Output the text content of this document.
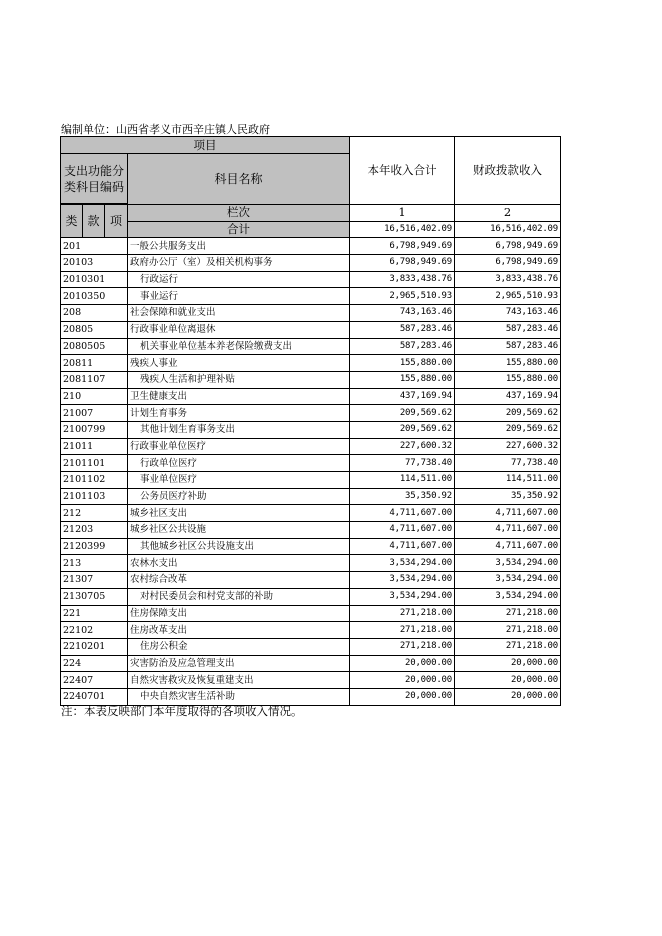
编制单位：山西省孝义市西辛庄镇人民政府
项目				本年收入合计	财政拨款收入
支出功能分类科目编码			科目名称		

类	款	项	栏次	1	2
			合计	16,516,402.09	16,516,402.09
201			一般公共服务支出	6,798,949.69	6,798,949.69
20103			政府办公厅（室）及相关机构事务	6,798,949.69	6,798,949.69
2010301			行政运行	3,833,438.76	3,833,438.76
2010350			事业运行	2,965,510.93	2,965,510.93
208			社会保障和就业支出	743,163.46	743,163.46
20805			行政事业单位离退休	587,283.46	587,283.46
2080505			机关事业单位基本养老保险缴费支出	587,283.46	587,283.46
20811			残疾人事业	155,880.00	155,880.00
2081107			残疾人生活和护理补贴	155,880.00	155,880.00
210			卫生健康支出	437,169.94	437,169.94
21007			计划生育事务	209,569.62	209,569.62
2100799			其他计划生育事务支出	209,569.62	209,569.62
21011			行政事业单位医疗	227,600.32	227,600.32
2101101			行政单位医疗	77,738.40	77,738.40
2101102			事业单位医疗	114,511.00	114,511.00
2101103			公务员医疗补助	35,350.92	35,350.92
212			城乡社区支出	4,711,607.00	4,711,607.00
21203			城乡社区公共设施	4,711,607.00	4,711,607.00
2120399			其他城乡社区公共设施支出	4,711,607.00	4,711,607.00
213			农林水支出	3,534,294.00	3,534,294.00
21307			农村综合改革	3,534,294.00	3,534,294.00
2130705			对村民委员会和村党支部的补助	3,534,294.00	3,534,294.00
221			住房保障支出	271,218.00	271,218.00
22102			住房改革支出	271,218.00	271,218.00
2210201			住房公积金	271,218.00	271,218.00
224			灾害防治及应急管理支出	20,000.00	20,000.00
22407			自然灾害救灾及恢复重建支出	20,000.00	20,000.00
2240701			中央自然灾害生活补助	20,000.00	20,000.00
注：本表反映部门本年度取得的各项收入情况。
